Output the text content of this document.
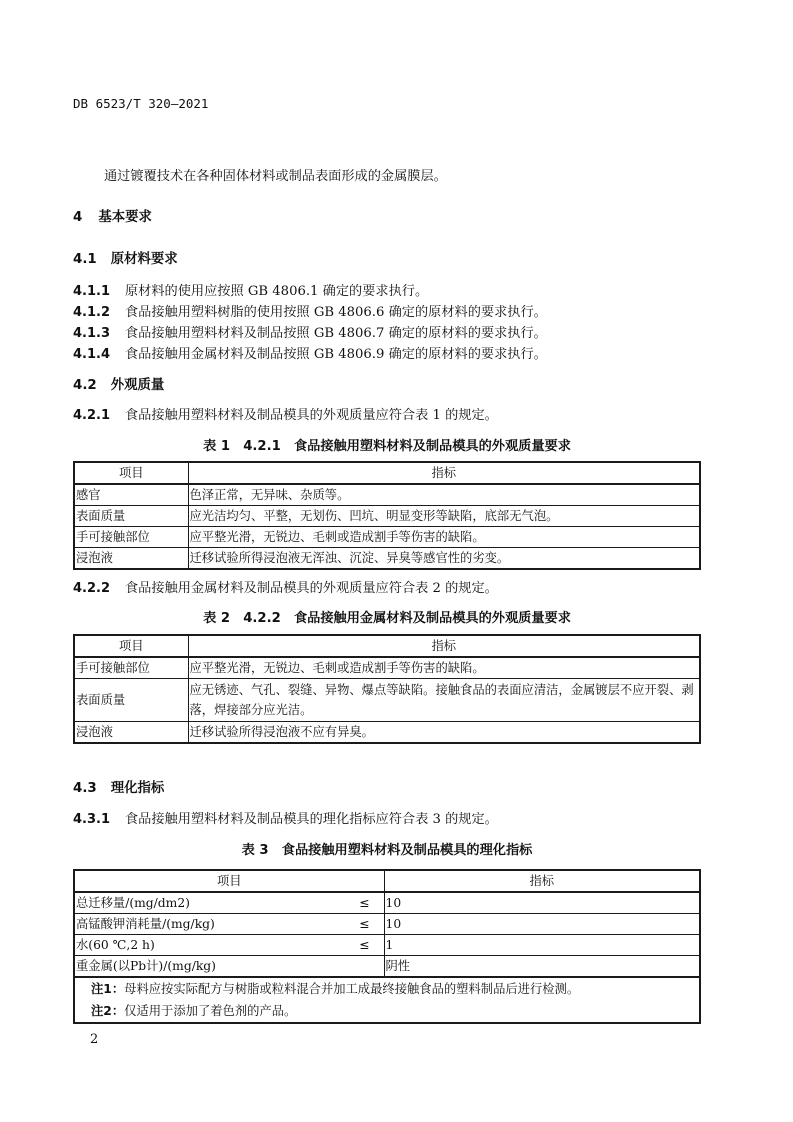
DB 6523/T 320—2021
通过镀覆技术在各种固体材料或制品表面形成的金属膜层。
4 基本要求
4.1 原材料要求
4.1.1 原材料的使用应按照 GB 4806.1 确定的要求执行。
4.1.2 食品接触用塑料树脂的使用按照 GB 4806.6 确定的原材料的要求执行。
4.1.3 食品接触用塑料材料及制品按照 GB 4806.7 确定的原材料的要求执行。
4.1.4 食品接触用金属材料及制品按照 GB 4806.9 确定的原材料的要求执行。
4.2 外观质量
4.2.1 食品接触用塑料材料及制品模具的外观质量应符合表 1 的规定。
表 1　4.2.1　食品接触用塑料材料及制品模具的外观质量要求
项目	指标
感官	色泽正常，无异味、杂质等。
表面质量	应光洁均匀、平整，无划伤、凹坑、明显变形等缺陷，底部无气泡。
手可接触部位	应平整光滑，无锐边、毛刺或造成割手等伤害的缺陷。
浸泡液	迁移试验所得浸泡液无浑浊、沉淀、异臭等感官性的劣变。
4.2.2 食品接触用金属材料及制品模具的外观质量应符合表 2 的规定。
表 2　4.2.2　食品接触用金属材料及制品模具的外观质量要求
项目	指标
手可接触部位	应平整光滑，无锐边、毛刺或造成割手等伤害的缺陷。
表面质量	应无锈迹、气孔、裂缝、异物、爆点等缺陷。接触食品的表面应清洁，金属镀层不应开裂、剥落，焊接部分应光洁。
浸泡液	迁移试验所得浸泡液不应有异臭。
4.3 理化指标
4.3.1 食品接触用塑料材料及制品模具的理化指标应符合表 3 的规定。
表 3　食品接触用塑料材料及制品模具的理化指标
项目		指标
总迁移量/(mg/dm2)	≤	10
高锰酸钾消耗量/(mg/kg)	≤	10
水(60 ℃,2 h)	≤	1
重金属(以Pb计)/(mg/kg)		阴性

注1：母料应按实际配方与树脂或粒料混合并加工成最终接触食品的塑料制品后进行检测。
注2：仅适用于添加了着色剂的产品。		
2
